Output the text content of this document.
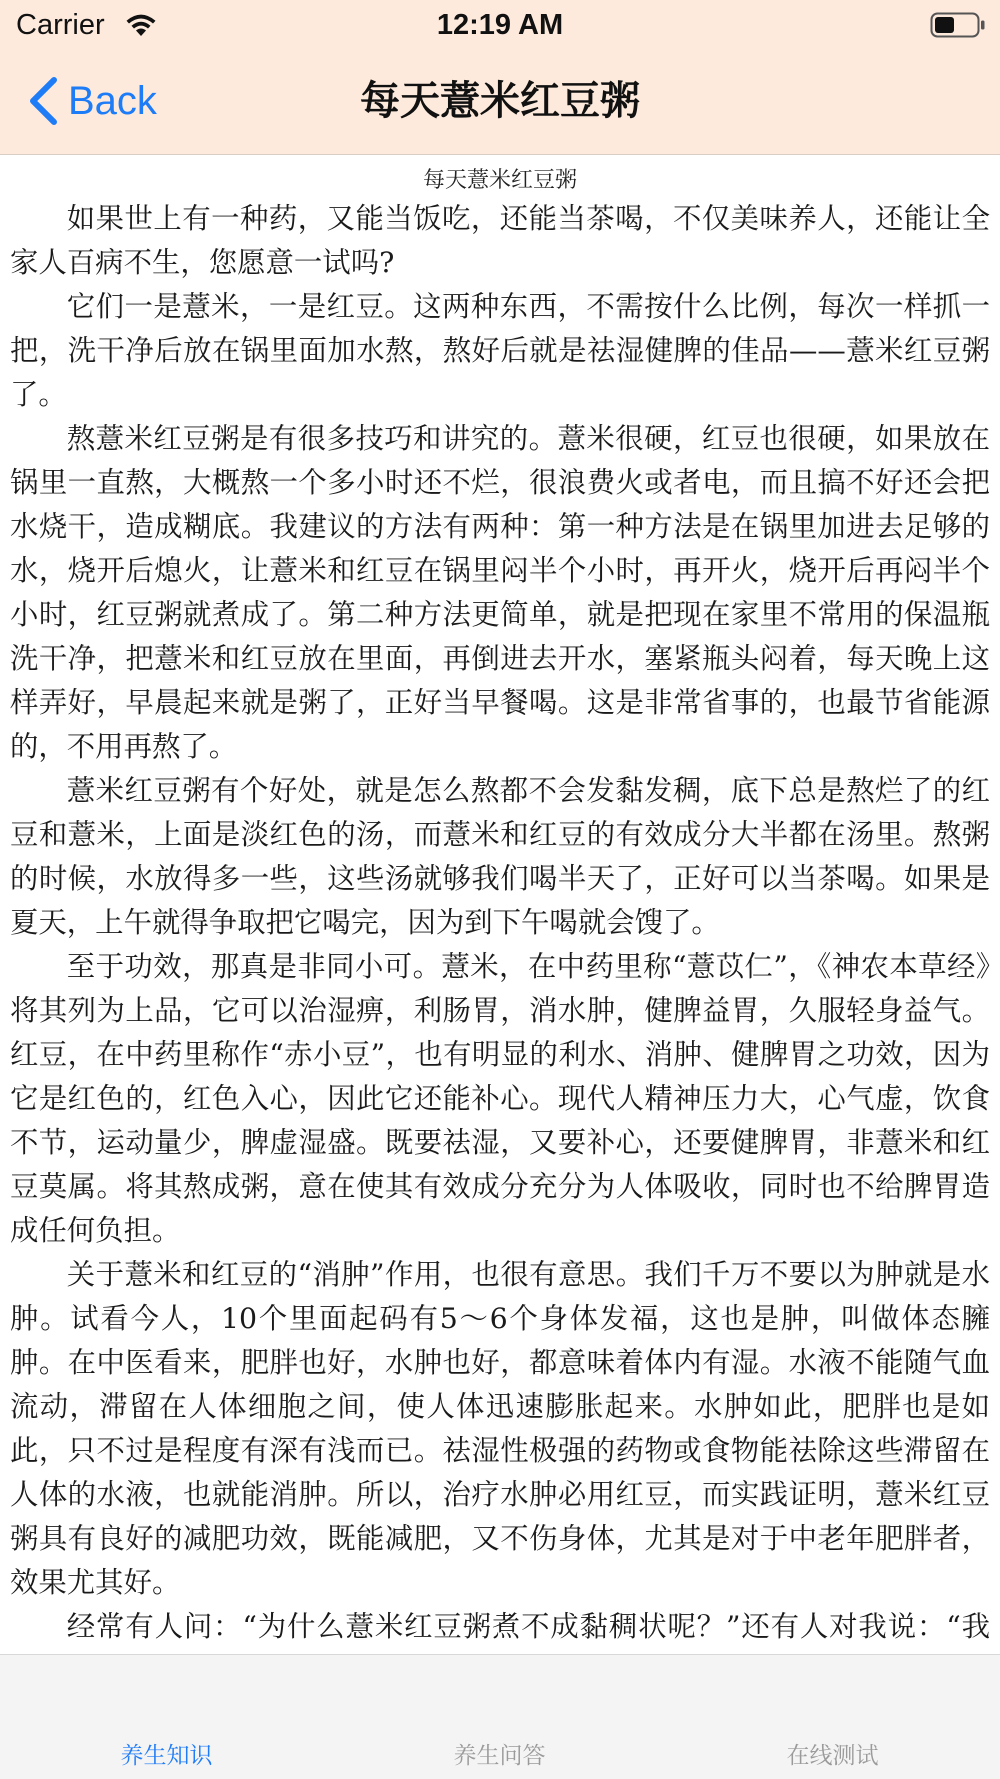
Carrier	12:19 AM
Back	每天薏米红豆粥
每天薏米红豆粥

如果世上有一种药，又能当饭吃，还能当茶喝，不仅美味养人，还能让全家人百病不生，您愿意一试吗?

它们一是薏米，一是红豆。这两种东西，不需按什么比例，每次一样抓一把，洗干净后放在锅里面加水熬，熬好后就是祛湿健脾的佳品——薏米红豆粥了。

熬薏米红豆粥是有很多技巧和讲究的。薏米很硬，红豆也很硬，如果放在锅里一直熬，大概熬一个多小时还不烂，很浪费火或者电，而且搞不好还会把水烧干，造成糊底。我建议的方法有两种：第一种方法是在锅里加进去足够的水，烧开后熄火，让薏米和红豆在锅里闷半个小时，再开火，烧开后再闷半个小时，红豆粥就煮成了。第二种方法更简单，就是把现在家里不常用的保温瓶洗干净，把薏米和红豆放在里面，再倒进去开水，塞紧瓶头闷着，每天晚上这样弄好，早晨起来就是粥了，正好当早餐喝。这是非常省事的，也最节省能源的，不用再熬了。

薏米红豆粥有个好处，就是怎么熬都不会发黏发稠，底下总是熬烂了的红豆和薏米，上面是淡红色的汤，而薏米和红豆的有效成分大半都在汤里。熬粥的时候，水放得多一些，这些汤就够我们喝半天了，正好可以当茶喝。如果是夏天，上午就得争取把它喝完，因为到下午喝就会馊了。

至于功效，那真是非同小可。薏米，在中药里称“薏苡仁”，《神农本草经》将其列为上品，它可以治湿痹，利肠胃，消水肿，健脾益胃，久服轻身益气。红豆，在中药里称作“赤小豆”，也有明显的利水、消肿、健脾胃之功效，因为它是红色的，红色入心，因此它还能补心。现代人精神压力大，心气虚，饮食不节，运动量少，脾虚湿盛。既要祛湿，又要补心，还要健脾胃，非薏米和红豆莫属。将其熬成粥，意在使其有效成分充分为人体吸收，同时也不给脾胃造成任何负担。

关于薏米和红豆的“消肿”作用，也很有意思。我们千万不要以为肿就是水肿。试看今人，10个里面起码有5～6个身体发福，这也是肿，叫做体态臃肿。在中医看来，肥胖也好，水肿也好，都意味着体内有湿。水液不能随气血流动，滞留在人体细胞之间，使人体迅速膨胀起来。水肿如此，肥胖也是如此，只不过是程度有深有浅而已。祛湿性极强的药物或食物能祛除这些滞留在人体的水液，也就能消肿。所以，治疗水肿必用红豆，而实践证明，薏米红豆粥具有良好的减肥功效，既能减肥，又不伤身体，尤其是对于中老年肥胖者，效果尤其好。

经常有人问：“为什么薏米红豆粥煮不成黏稠状呢？”还有人对我说：“我

养生知识	养生问答	在线测试
